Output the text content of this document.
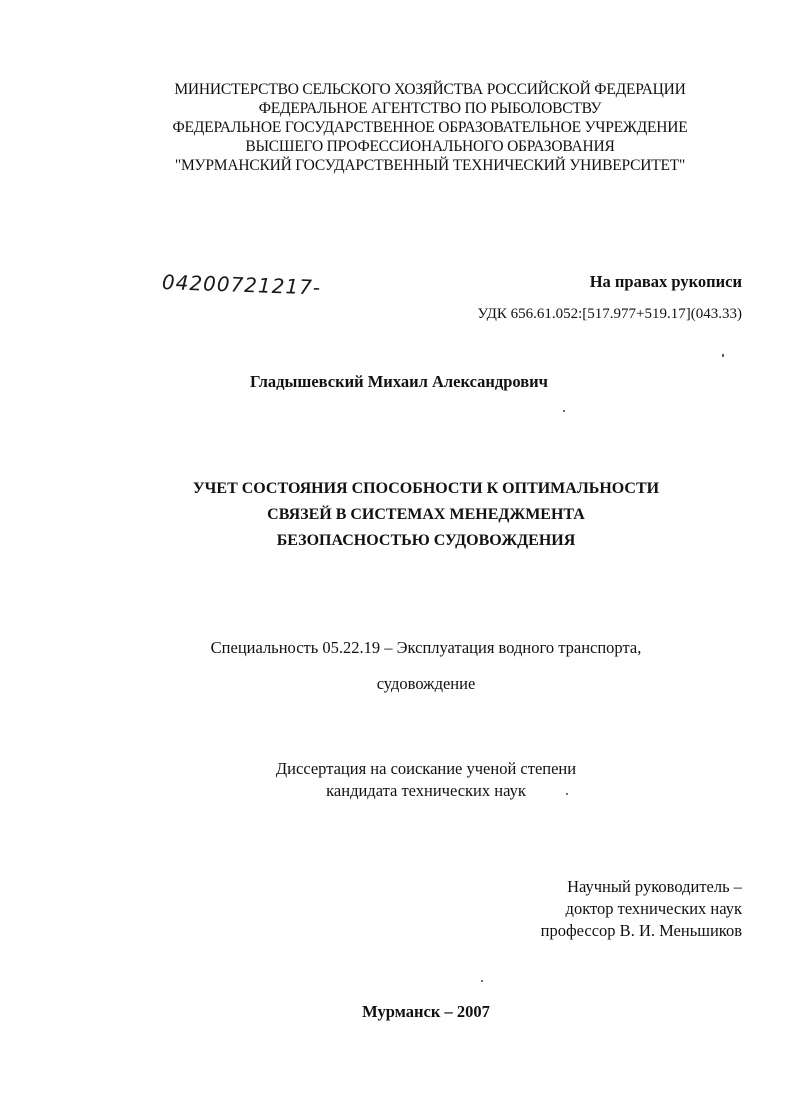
МИНИСТЕРСТВО СЕЛЬСКОГО ХОЗЯЙСТВА РОССИЙСКОЙ ФЕДЕРАЦИИ
ФЕДЕРАЛЬНОЕ АГЕНТСТВО ПО РЫБОЛОВСТВУ
ФЕДЕРАЛЬНОЕ ГОСУДАРСТВЕННОЕ ОБРАЗОВАТЕЛЬНОЕ УЧРЕЖДЕНИЕ
ВЫСШЕГО ПРОФЕССИОНАЛЬНОГО ОБРАЗОВАНИЯ
"МУРМАНСКИЙ ГОСУДАРСТВЕННЫЙ ТЕХНИЧЕСКИЙ УНИВЕРСИТЕТ"
04200721217-	На правах рукописи
УДК 656.61.052:[517.977+519.17](043.33)
Гладышевский Михаил Александрович
УЧЕТ СОСТОЯНИЯ СПОСОБНОСТИ К ОПТИМАЛЬНОСТИ
СВЯЗЕЙ В СИСТЕМАХ МЕНЕДЖМЕНТА
БЕЗОПАСНОСТЬЮ СУДОВОЖДЕНИЯ
Специальность 05.22.19 – Эксплуатация водного транспорта,
судовождение
Диссертация на соискание ученой степени
кандидата технических наук
Научный руководитель –
доктор технических наук
профессор В. И. Меньшиков
Мурманск – 2007
